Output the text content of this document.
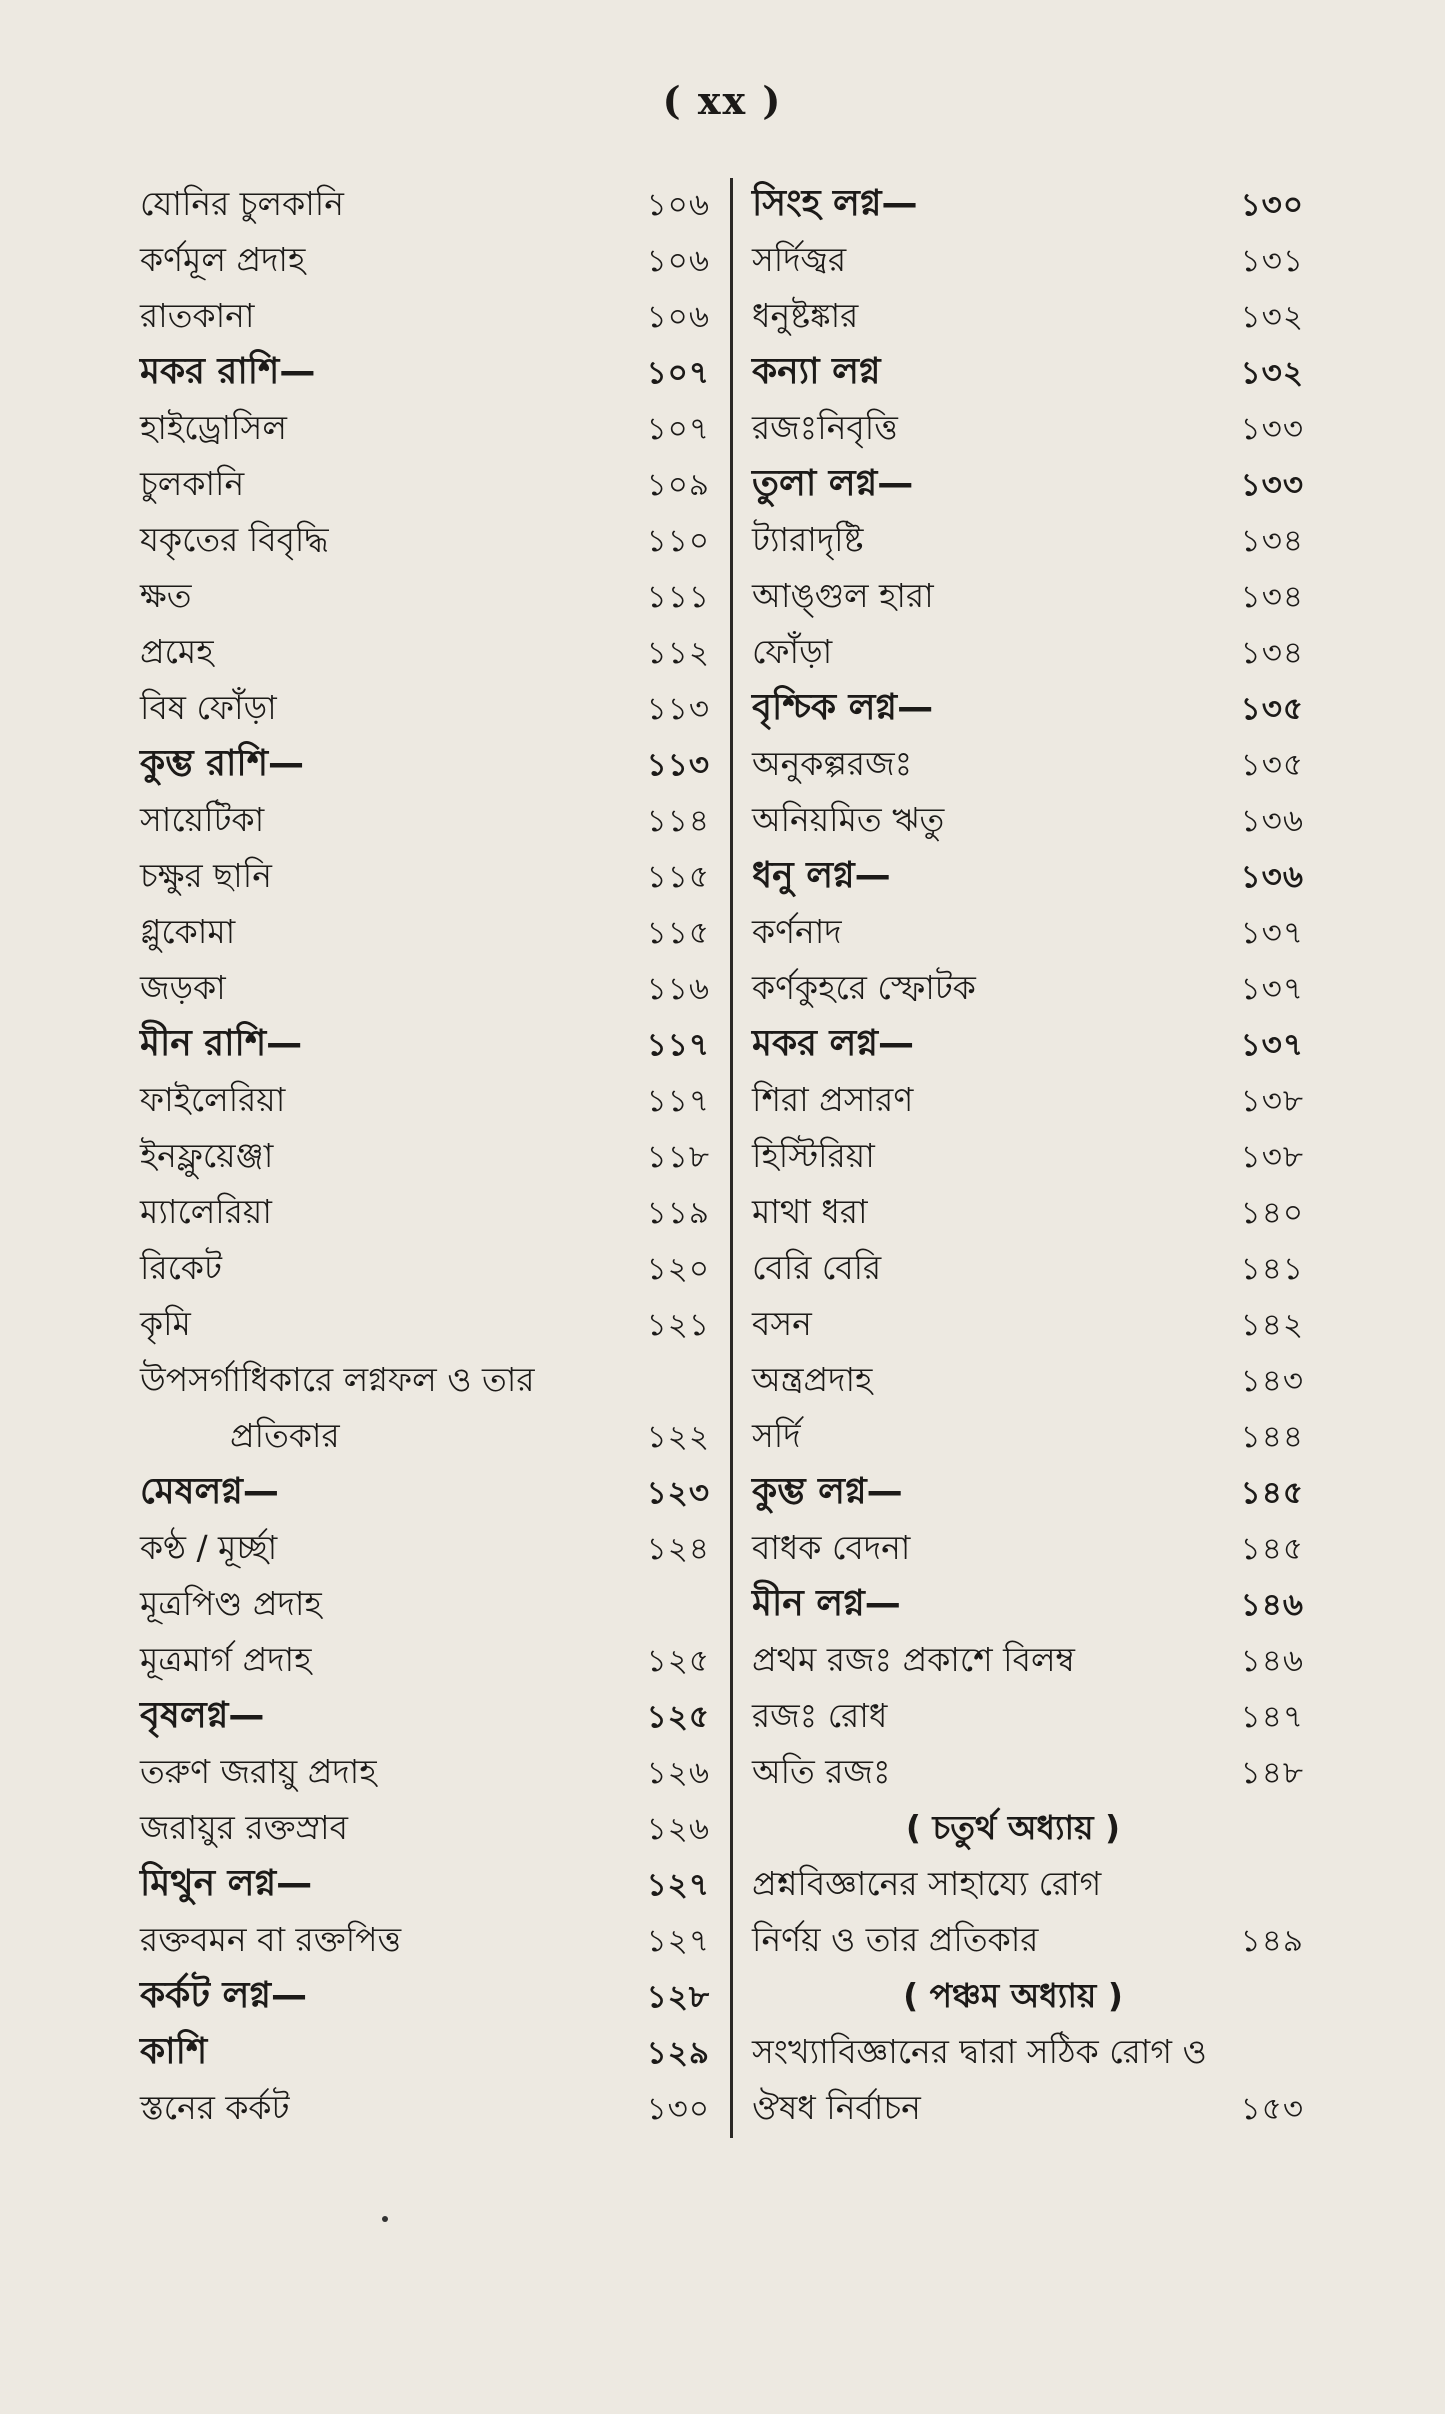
( xx )
যোনির চুলকানি	১০৬
কর্ণমূল প্রদাহ	১০৬
রাতকানা	১০৬
মকর রাশি—	১০৭
হাইড্রোসিল	১০৭
চুলকানি	১০৯
যকৃতের বিবৃদ্ধি	১১০
ক্ষত	১১১
প্রমেহ	১১২
বিষ ফোঁড়া	১১৩
কুম্ভ রাশি—	১১৩
সায়েটিকা	১১৪
চক্ষুর ছানি	১১৫
গ্লুকোমা	১১৫
জড়কা	১১৬
মীন রাশি—	১১৭
ফাইলেরিয়া	১১৭
ইনফ্লুয়েঞ্জা	১১৮
ম্যালেরিয়া	১১৯
রিকেট	১২০
কৃমি	১২১
উপসর্গাধিকারে লগ্নফল ও তার
প্রতিকার	১২২
মেষলগ্ন—	১২৩
কণ্ঠ / মূর্চ্ছা	১২৪
মূত্রপিণ্ড প্রদাহ
মূত্রমার্গ প্রদাহ	১২৫
বৃষলগ্ন—	১২৫
তরুণ জরায়ু প্রদাহ	১২৬
জরায়ুর রক্তস্রাব	১২৬
মিথুন লগ্ন—	১২৭
রক্তবমন বা রক্তপিত্ত	১২৭
কর্কট লগ্ন—	১২৮
কাশি	১২৯
স্তনের কর্কট	১৩০
সিংহ লগ্ন—	১৩০
সর্দিজ্বর	১৩১
ধনুষ্টঙ্কার	১৩২
কন্যা লগ্ন	১৩২
রজঃনিবৃত্তি	১৩৩
তুলা লগ্ন—	১৩৩
ট্যারাদৃষ্টি	১৩৪
আঙ্গুল হারা	১৩৪
ফোঁড়া	১৩৪
বৃশ্চিক লগ্ন—	১৩৫
অনুকল্পরজঃ	১৩৫
অনিয়মিত ঋতু	১৩৬
ধনু লগ্ন—	১৩৬
কর্ণনাদ	১৩৭
কর্ণকুহরে স্ফোটক	১৩৭
মকর লগ্ন—	১৩৭
শিরা প্রসারণ	১৩৮
হিস্টিরিয়া	১৩৮
মাথা ধরা	১৪০
বেরি বেরি	১৪১
বসন	১৪২
অন্ত্রপ্রদাহ	১৪৩
সর্দি	১৪৪
কুম্ভ লগ্ন—	১৪৫
বাধক বেদনা	১৪৫
মীন লগ্ন—	১৪৬
প্রথম রজঃ প্রকাশে বিলম্ব	১৪৬
রজঃ রোধ	১৪৭
অতি রজঃ	১৪৮
( চতুর্থ অধ্যায় )
প্রশ্নবিজ্ঞানের সাহায্যে রোগ
নির্ণয় ও তার প্রতিকার	১৪৯
( পঞ্চম অধ্যায় )
সংখ্যাবিজ্ঞানের দ্বারা সঠিক রোগ ও
ঔষধ নির্বাচন	১৫৩
